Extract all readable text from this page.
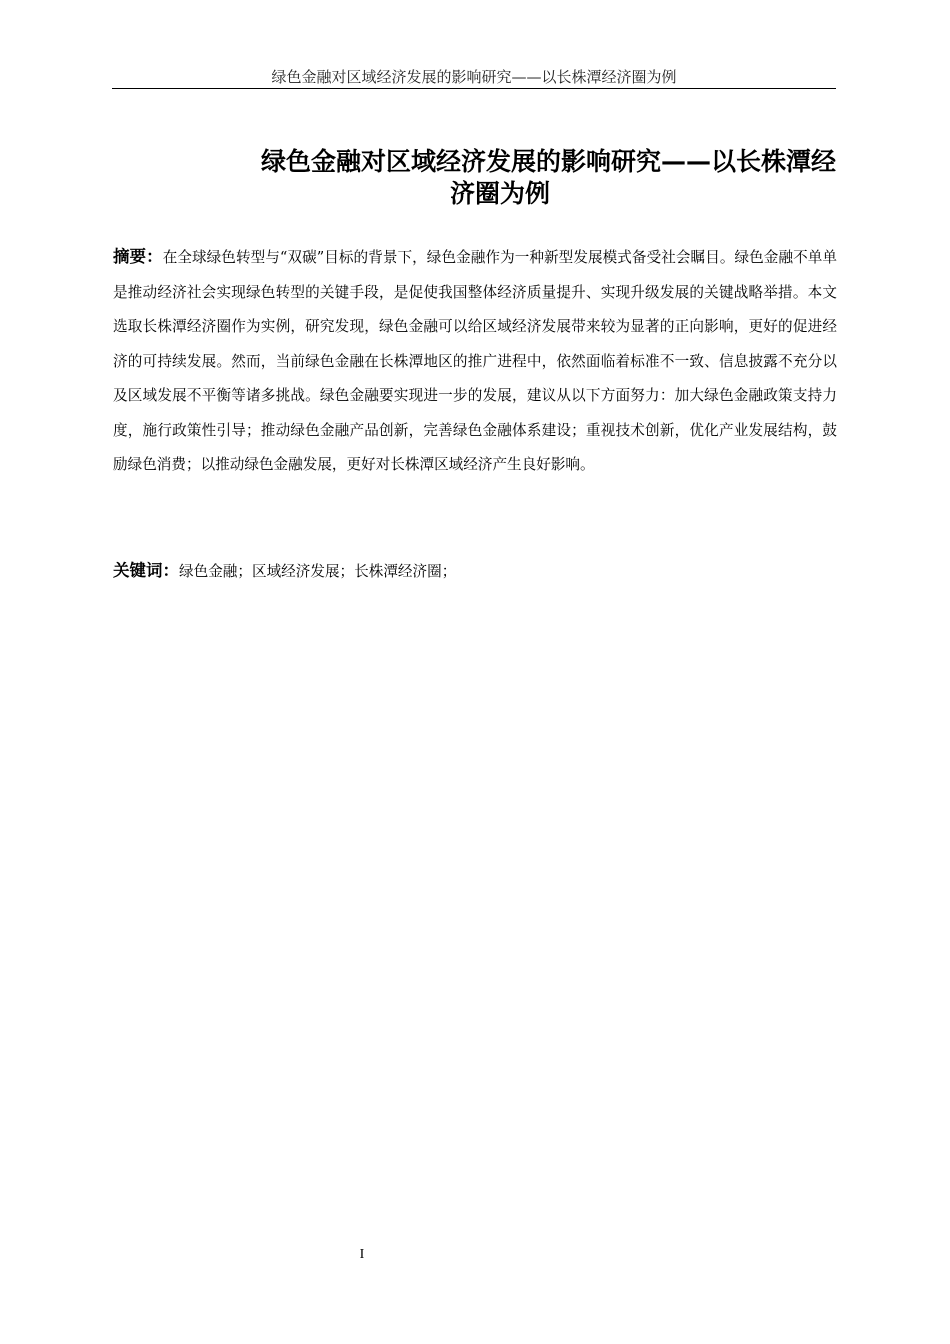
绿色金融对区域经济发展的影响研究——以长株潭经济圈为例
绿色金融对区域经济发展的影响研究——以长株潭经
济圈为例
摘要：在全球绿色转型与“双碳”目标的背景下，绿色金融作为一种新型发展模式备受社会瞩目。绿色金融不单单是推动经济社会实现绿色转型的关键手段，是促使我国整体经济质量提升、实现升级发展的关键战略举措。本文选取长株潭经济圈作为实例，研究发现，绿色金融可以给区域经济发展带来较为显著的正向影响，更好的促进经济的可持续发展。然而，当前绿色金融在长株潭地区的推广进程中，依然面临着标准不一致、信息披露不充分以及区域发展不平衡等诸多挑战。绿色金融要实现进一步的发展，建议从以下方面努力：加大绿色金融政策支持力度，施行政策性引导；推动绿色金融产品创新，完善绿色金融体系建设；重视技术创新，优化产业发展结构，鼓励绿色消费；以推动绿色金融发展，更好对长株潭区域经济产生良好影响。
关键词：绿色金融；区域经济发展；长株潭经济圈；
I
